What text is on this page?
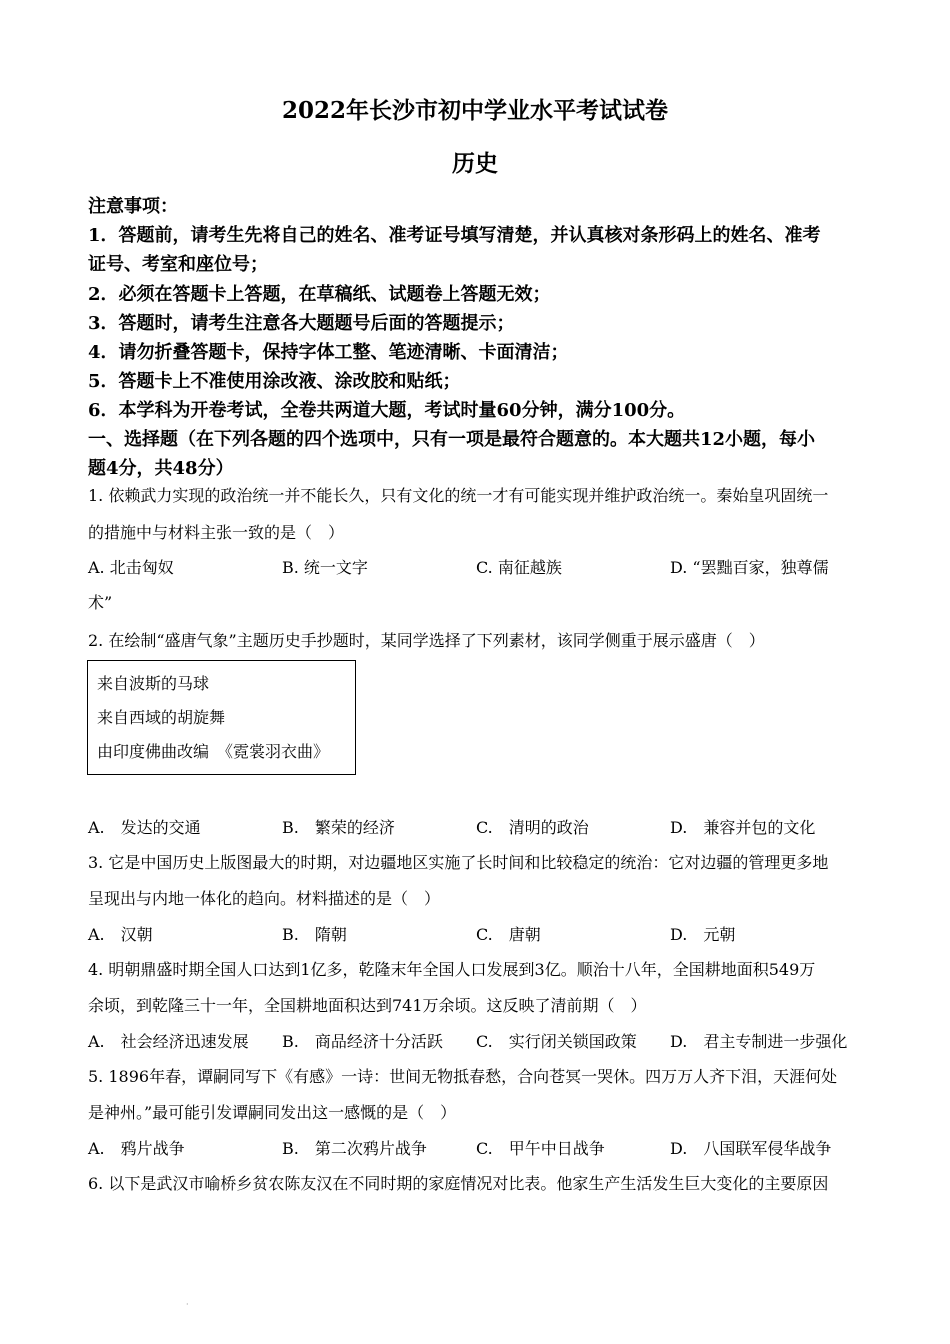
2022年长沙市初中学业水平考试试卷
历史
注意事项：
1．答题前，请考生先将自己的姓名、准考证号填写清楚，并认真核对条形码上的姓名、准考
证号、考室和座位号；
2．必须在答题卡上答题，在草稿纸、试题卷上答题无效；
3．答题时，请考生注意各大题题号后面的答题提示；
4．请勿折叠答题卡，保持字体工整、笔迹清晰、卡面清洁；
5．答题卡上不准使用涂改液、涂改胶和贴纸；
6．本学科为开卷考试，全卷共两道大题，考试时量60分钟，满分100分。
一、选择题（在下列各题的四个选项中，只有一项是最符合题意的。本大题共12小题，每小
题4分，共48分）
1. 依赖武力实现的政治统一并不能长久，只有文化的统一才有可能实现并维护政治统一。秦始皇巩固统一
的措施中与材料主张一致的是（　）
A. 北击匈奴	B. 统一文字	C. 南征越族	D. “罢黜百家，独尊儒
术”
2. 在绘制“盛唐气象”主题历史手抄题时，某同学选择了下列素材，该同学侧重于展示盛唐（　）
来自波斯的马球
来自西域的胡旋舞
由印度佛曲改编　《霓裳羽衣曲》
A.　发达的交通	B.　繁荣的经济	C.　清明的政治	D.　兼容并包的文化
3. 它是中国历史上版图最大的时期，对边疆地区实施了长时间和比较稳定的统治：它对边疆的管理更多地
呈现出与内地一体化的趋向。材料描述的是（　）
A.　汉朝	B.　隋朝	C.　唐朝	D.　元朝
4. 明朝鼎盛时期全国人口达到1亿多，乾隆末年全国人口发展到3亿。顺治十八年，全国耕地面积549万
余顷，到乾隆三十一年，全国耕地面积达到741万余顷。这反映了清前期（　）
A.　社会经济迅速发展 B.　商品经济十分活跃 C.　实行闭关锁国政策 D.　君主专制进一步强化
5. 1896年春，谭嗣同写下《有感》一诗：世间无物抵春愁，合向苍冥一哭休。四万万人齐下泪，天涯何处
是神州。”最可能引发谭嗣同发出这一感慨的是（　）
A.　鸦片战争	B.　第二次鸦片战争	C.　甲午中日战争	D.　八国联军侵华战争
6. 以下是武汉市喻桥乡贫农陈友汉在不同时期的家庭情况对比表。他家生产生活发生巨大变化的主要原因
·
